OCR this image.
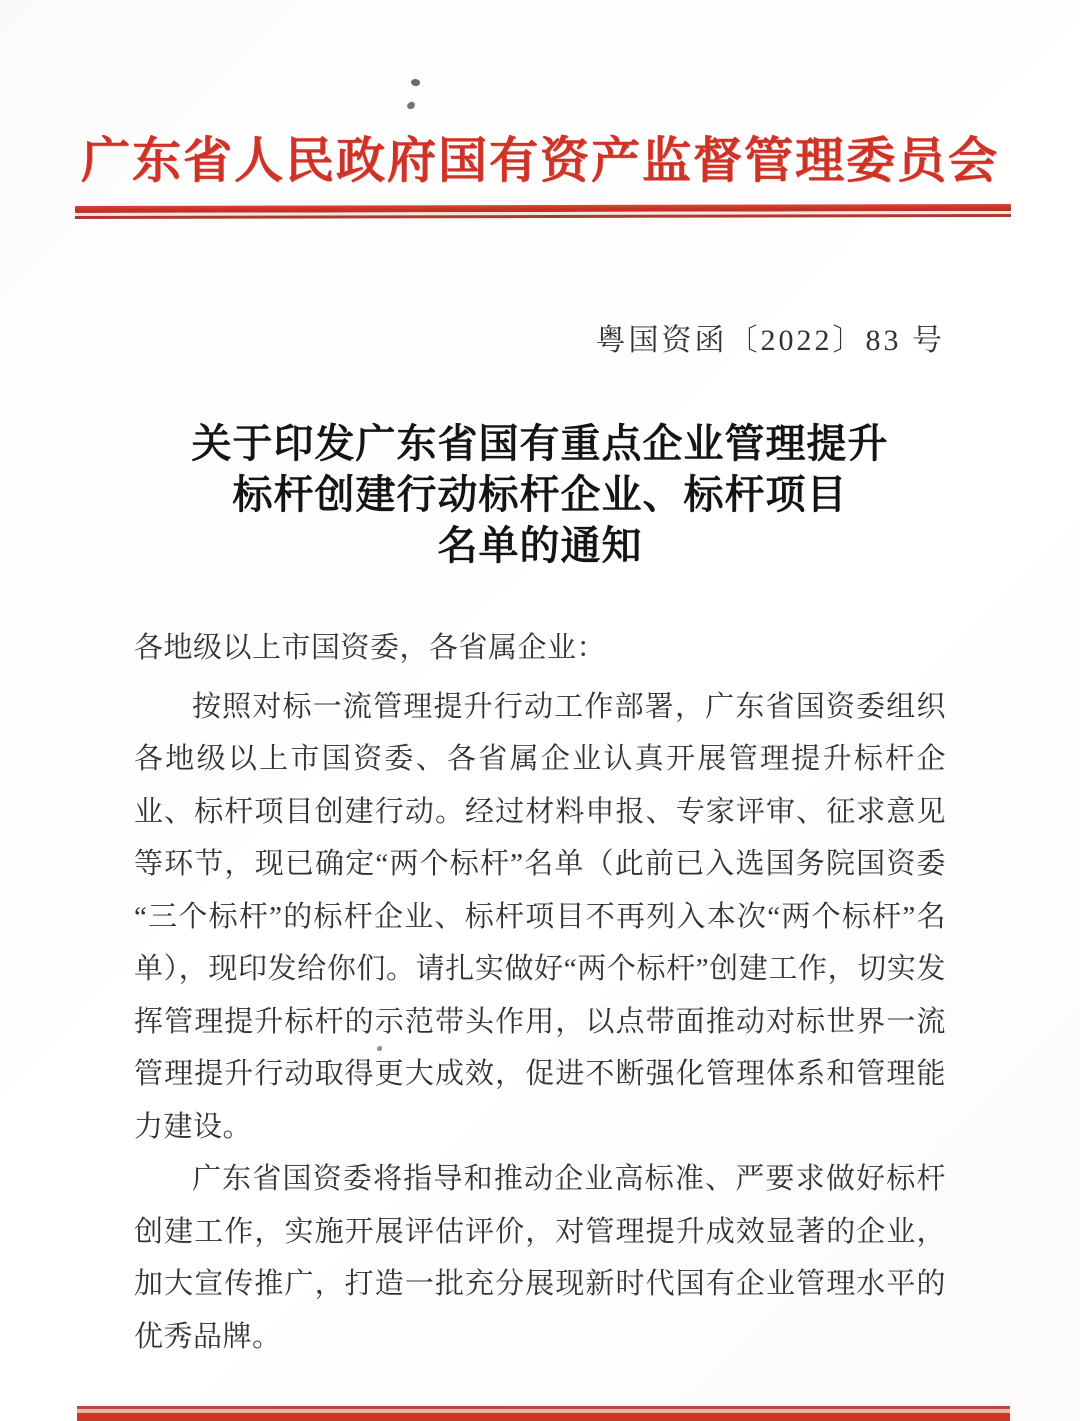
广东省人民政府国有资产监督管理委员会
粤国资函〔2022〕83 号
关于印发广东省国有重点企业管理提升
标杆创建行动标杆企业、标杆项目
名单的通知

各地级以上市国资委，各省属企业：

按照对标一流管理提升行动工作部署，广东省国资委组织各地级以上市国资委、各省属企业认真开展管理提升标杆企业、标杆项目创建行动。经过材料申报、专家评审、征求意见等环节，现已确定“两个标杆”名单（此前已入选国务院国资委“三个标杆”的标杆企业、标杆项目不再列入本次“两个标杆”名单），现印发给你们。请扎实做好“两个标杆”创建工作，切实发挥管理提升标杆的示范带头作用，以点带面推动对标世界一流管理提升行动取得更大成效，促进不断强化管理体系和管理能力建设。

广东省国资委将指导和推动企业高标准、严要求做好标杆创建工作，实施开展评估评价，对管理提升成效显著的企业，加大宣传推广，打造一批充分展现新时代国有企业管理水平的优秀品牌。
